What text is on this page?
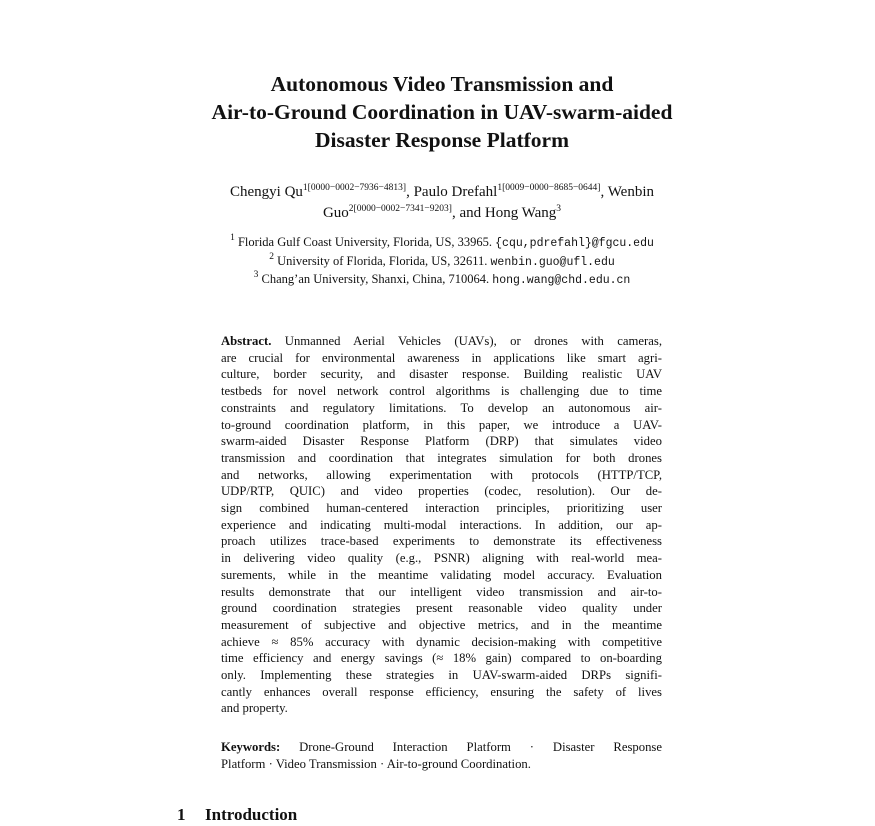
Autonomous Video Transmission and
Air-to-Ground Coordination in UAV-swarm-aided
Disaster Response Platform
Chengyi $Qu^{1[0000-0002-7936-4813]}$, Paulo Drefahl$^{1[0009-0000-8685-0644]}$, Wenbin
Guo$^{2[0000-0002-7341-9203]}$, and Hong Wang$^3$
$^1$ Florida Gulf Coast University, Florida, US, 33965. {cqu,pdrefahl}@fgcu.edu
$^2$ University of Florida, Florida, US, 32611. wenbin.guo@ufl.edu
$^3$ Chang’an University, Shanxi, China, 710064. hong.wang@chd.edu.cn
Abstract. Unmanned Aerial Vehicles (UAVs), or drones with cameras,
are crucial for environmental awareness in applications like smart agri-
culture, border security, and disaster response. Building realistic UAV
testbeds for novel network control algorithms is challenging due to time
constraints and regulatory limitations. To develop an autonomous air-
to-ground coordination platform, in this paper, we introduce a UAV-
swarm-aided Disaster Response Platform (DRP) that simulates video
transmission and coordination that integrates simulation for both drones
and networks, allowing experimentation with protocols (HTTP/TCP,
UDP/RTP, QUIC) and video properties (codec, resolution). Our de-
sign combined human-centered interaction principles, prioritizing user
experience and indicating multi-modal interactions. In addition, our ap-
proach utilizes trace-based experiments to demonstrate its effectiveness
in delivering video quality (e.g., PSNR) aligning with real-world mea-
surements, while in the meantime validating model accuracy. Evaluation
results demonstrate that our intelligent video transmission and air-to-
ground coordination strategies present reasonable video quality under
measurement of subjective and objective metrics, and in the meantime
achieve ≈ 85% accuracy with dynamic decision-making with competitive
time efficiency and energy savings (≈ 18% gain) compared to on-boarding
only. Implementing these strategies in UAV-swarm-aided DRPs signifi-
cantly enhances overall response efficiency, ensuring the safety of lives
and property.
Keywords: Drone-Ground Interaction Platform · Disaster Response
Platform · Video Transmission · Air-to-ground Coordination.
1 Introduction
